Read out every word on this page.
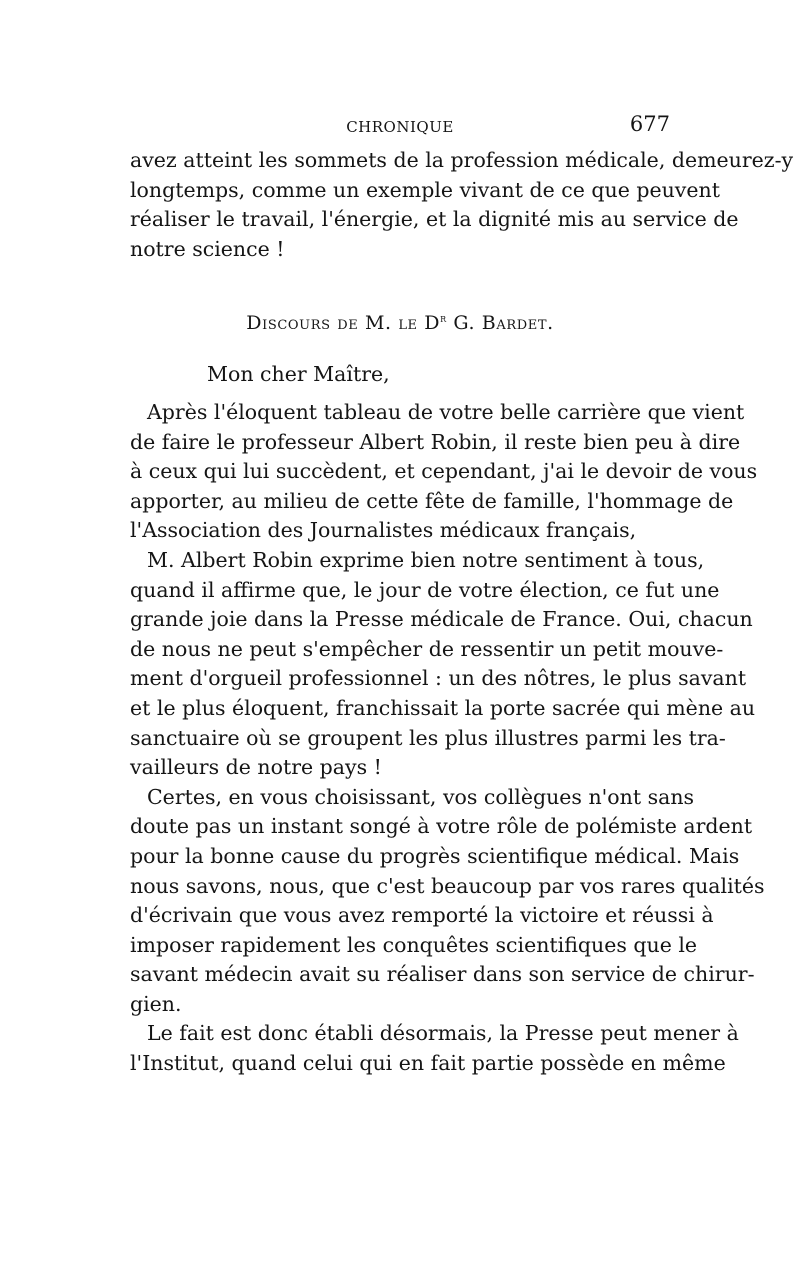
CHRONIQUE	677
avez atteint les sommets de la profession médicale, demeurez-y
longtemps, comme un exemple vivant de ce que peuvent
réaliser le travail, l'énergie, et la dignité mis au service de
notre science !
Discours de M. le $D^r$ G. Bardet.
Mon cher Maître,
Après l'éloquent tableau de votre belle carrière que vient
de faire le professeur Albert Robin, il reste bien peu à dire
à ceux qui lui succèdent, et cependant, j'ai le devoir de vous
apporter, au milieu de cette fête de famille, l'hommage de
l'Association des Journalistes médicaux français,
M. Albert Robin exprime bien notre sentiment à tous,
quand il affirme que, le jour de votre élection, ce fut une
grande joie dans la Presse médicale de France. Oui, chacun
de nous ne peut s'empêcher de ressentir un petit mouve-
ment d'orgueil professionnel : un des nôtres, le plus savant
et le plus éloquent, franchissait la porte sacrée qui mène au
sanctuaire où se groupent les plus illustres parmi les tra-
vailleurs de notre pays !
Certes, en vous choisissant, vos collègues n'ont sans
doute pas un instant songé à votre rôle de polémiste ardent
pour la bonne cause du progrès scientifique médical. Mais
nous savons, nous, que c'est beaucoup par vos rares qualités
d'écrivain que vous avez remporté la victoire et réussi à
imposer rapidement les conquêtes scientifiques que le
savant médecin avait su réaliser dans son service de chirur-
gien.
Le fait est donc établi désormais, la Presse peut mener à
l'Institut, quand celui qui en fait partie possède en même
